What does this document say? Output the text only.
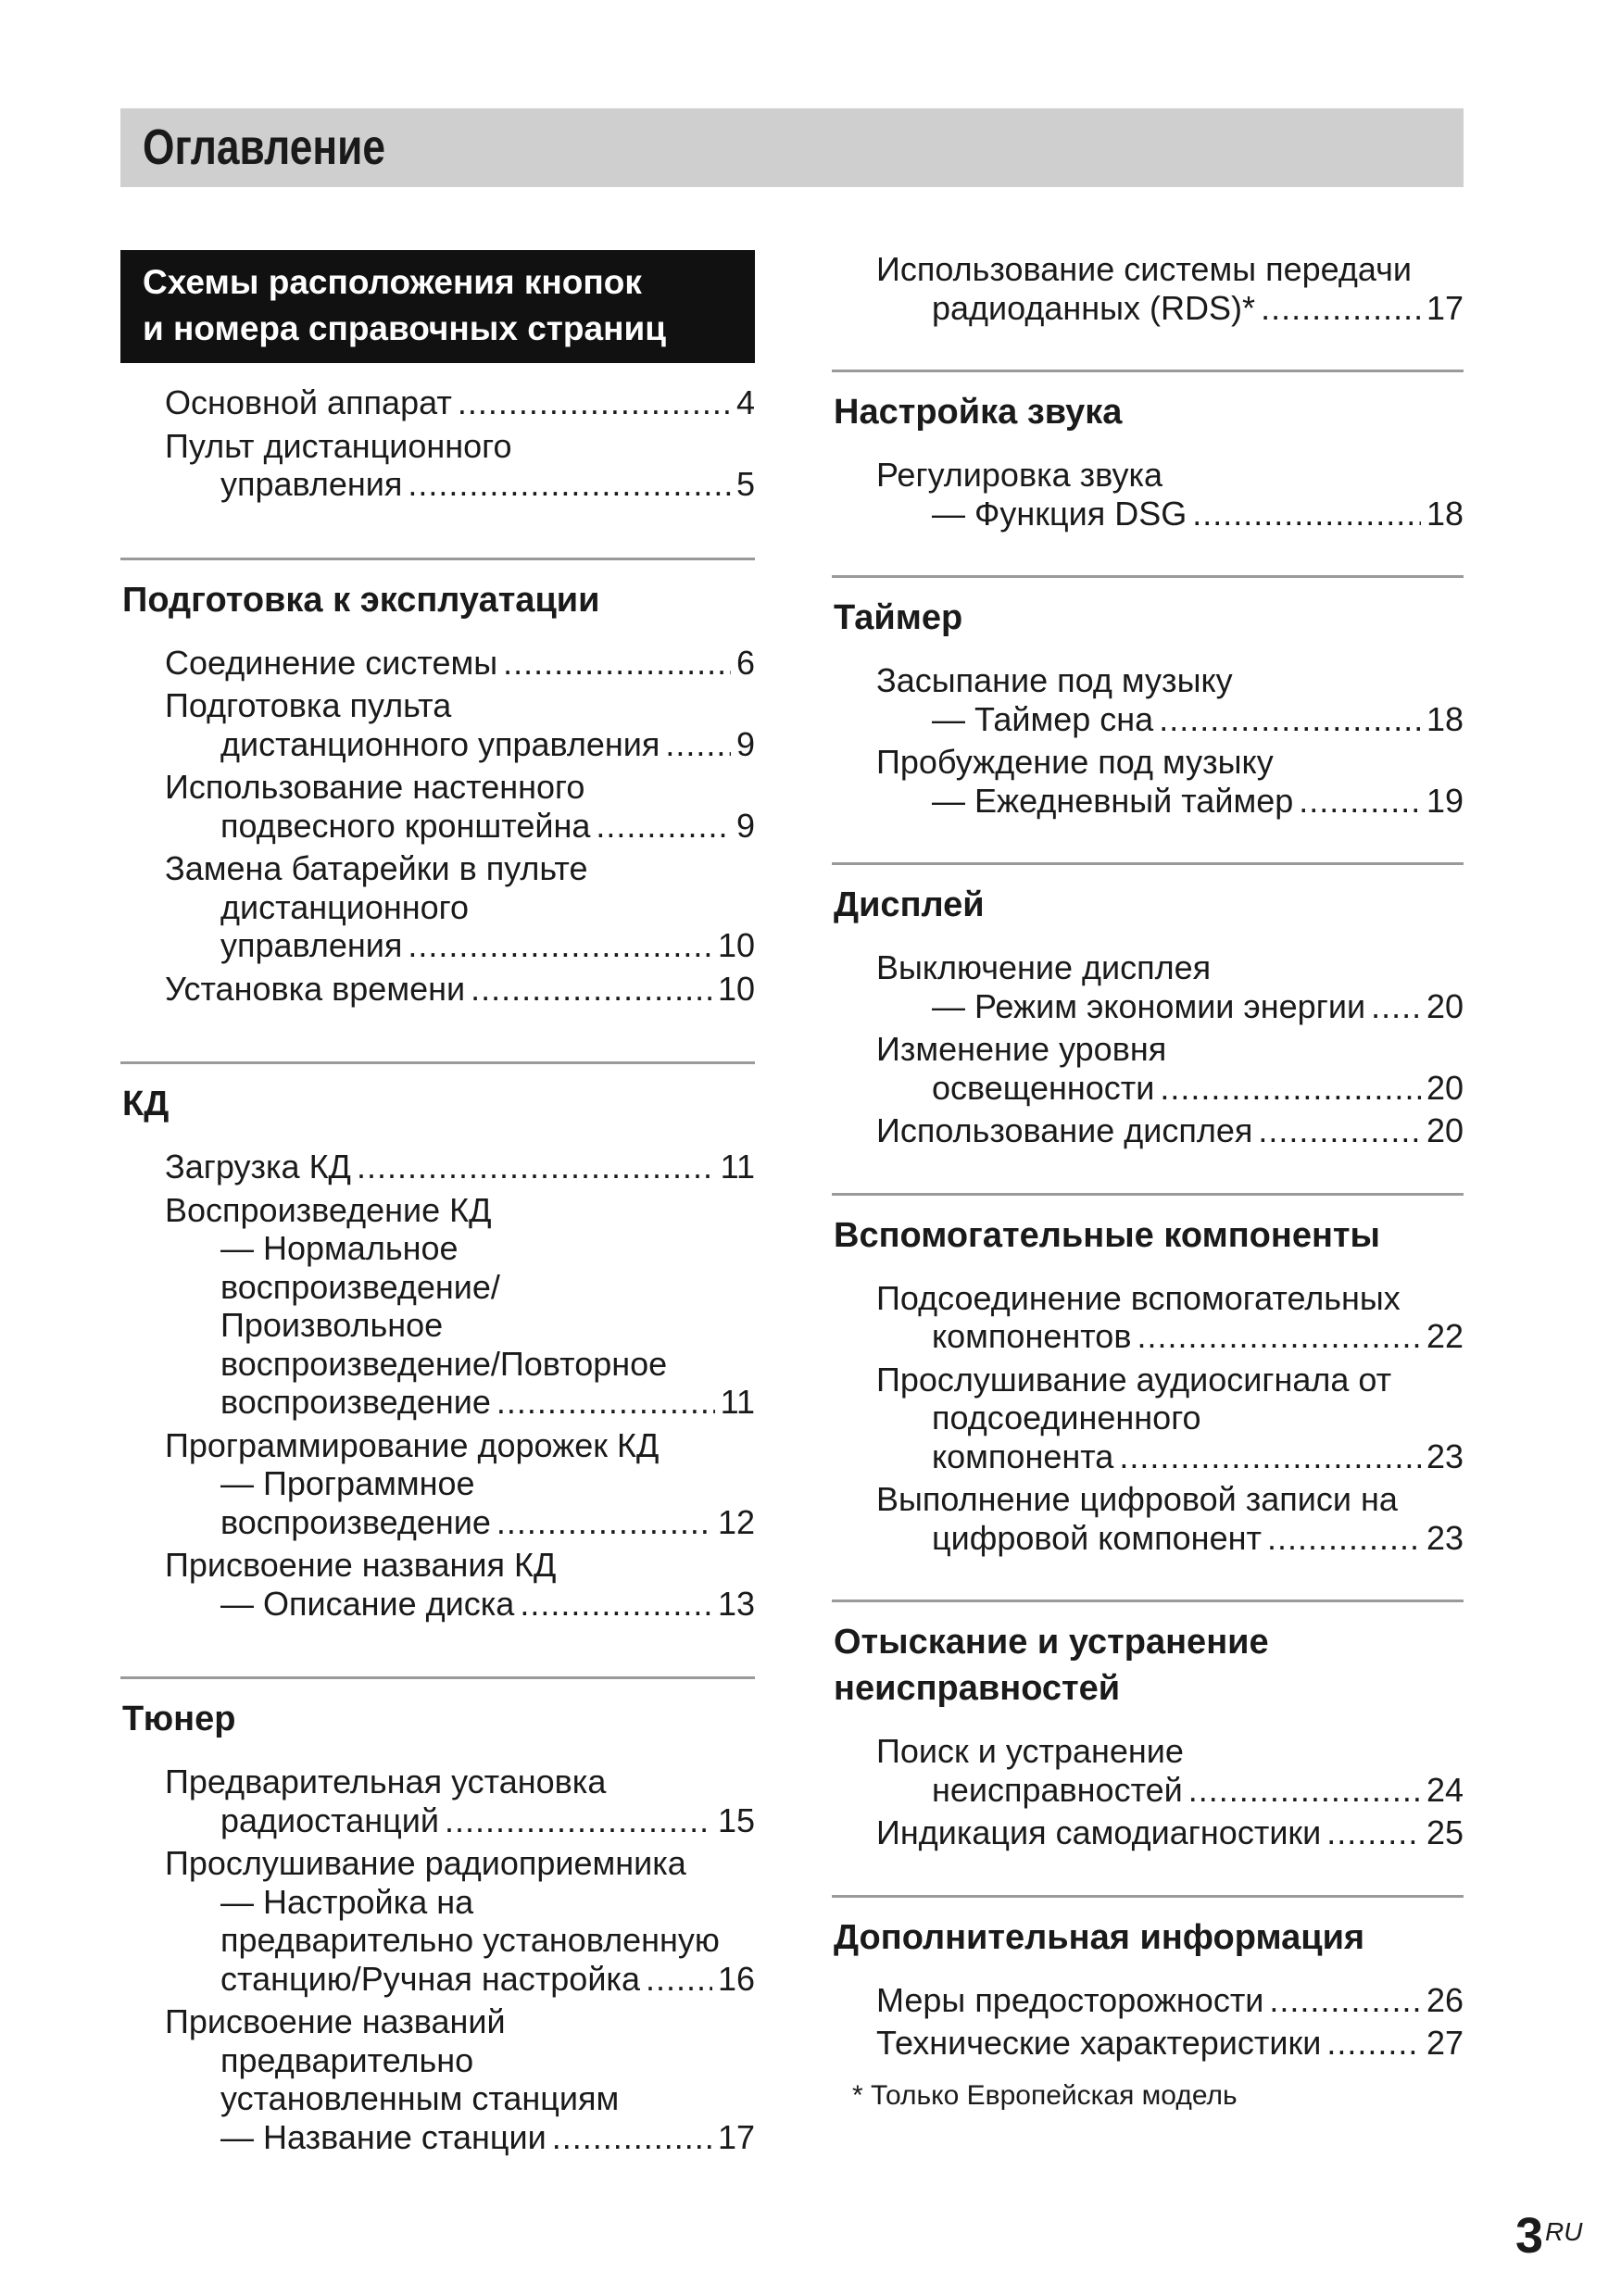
Оглавление
Схемы расположения кнопок
и номера справочных страниц
Основной аппарат .....	4
Пульт дистанционного
управления .....	5
Подготовка к эксплуатации
Соединение системы .....	6
Подготовка пульта
дистанционного управления ..... 9
Использование настенного
подвесного кронштейна .....	9
Замена батарейки в пульте
дистанционного
управления .....	10
Установка времени .....	10
КД
Загрузка КД .....	11
Воспроизведение КД
— Нормальное
воспроизведение/
Произвольное
воспроизведение/Повторное
воспроизведение .....	11
Программирование дорожек КД
— Программное
воспроизведение .....	12
Присвоение названия КД
— Описание диска .....	13
Тюнер
Предварительная установка
радиостанций .....	15
Прослушивание радиоприемника
— Настройка на
предварительно установленную
станцию/Ручная настройка ..... 16
Присвоение названий
предварительно
установленным станциям
— Название станции .....	17
Использование системы передачи
радиоданных (RDS)* .....	17
Настройка звука
Регулировка звука
— Функция DSG .....	18
Таймер
Засыпание под музыку
— Таймер сна .....	18
Пробуждение под музыку
— Ежедневный таймер .....	19
Дисплей
Выключение дисплея
— Режим экономии энергии ..... 20
Изменение уровня
освещенности .....	20
Использование дисплея .....	20
Вспомогательные компоненты
Подсоединение вспомогательных
компонентов .....	22
Прослушивание аудиосигнала от
подсоединенного
компонента .....	23
Выполнение цифровой записи на
цифровой компонент .....	23
Отыскание и устранение
неисправностей
Поиск и устранение
неисправностей .....	24
Индикация самодиагностики .....	25
Дополнительная информация
Меры предосторожности .....	26
Технические характеристики .....	27
* Только Европейская модель
$3^{RU}$
